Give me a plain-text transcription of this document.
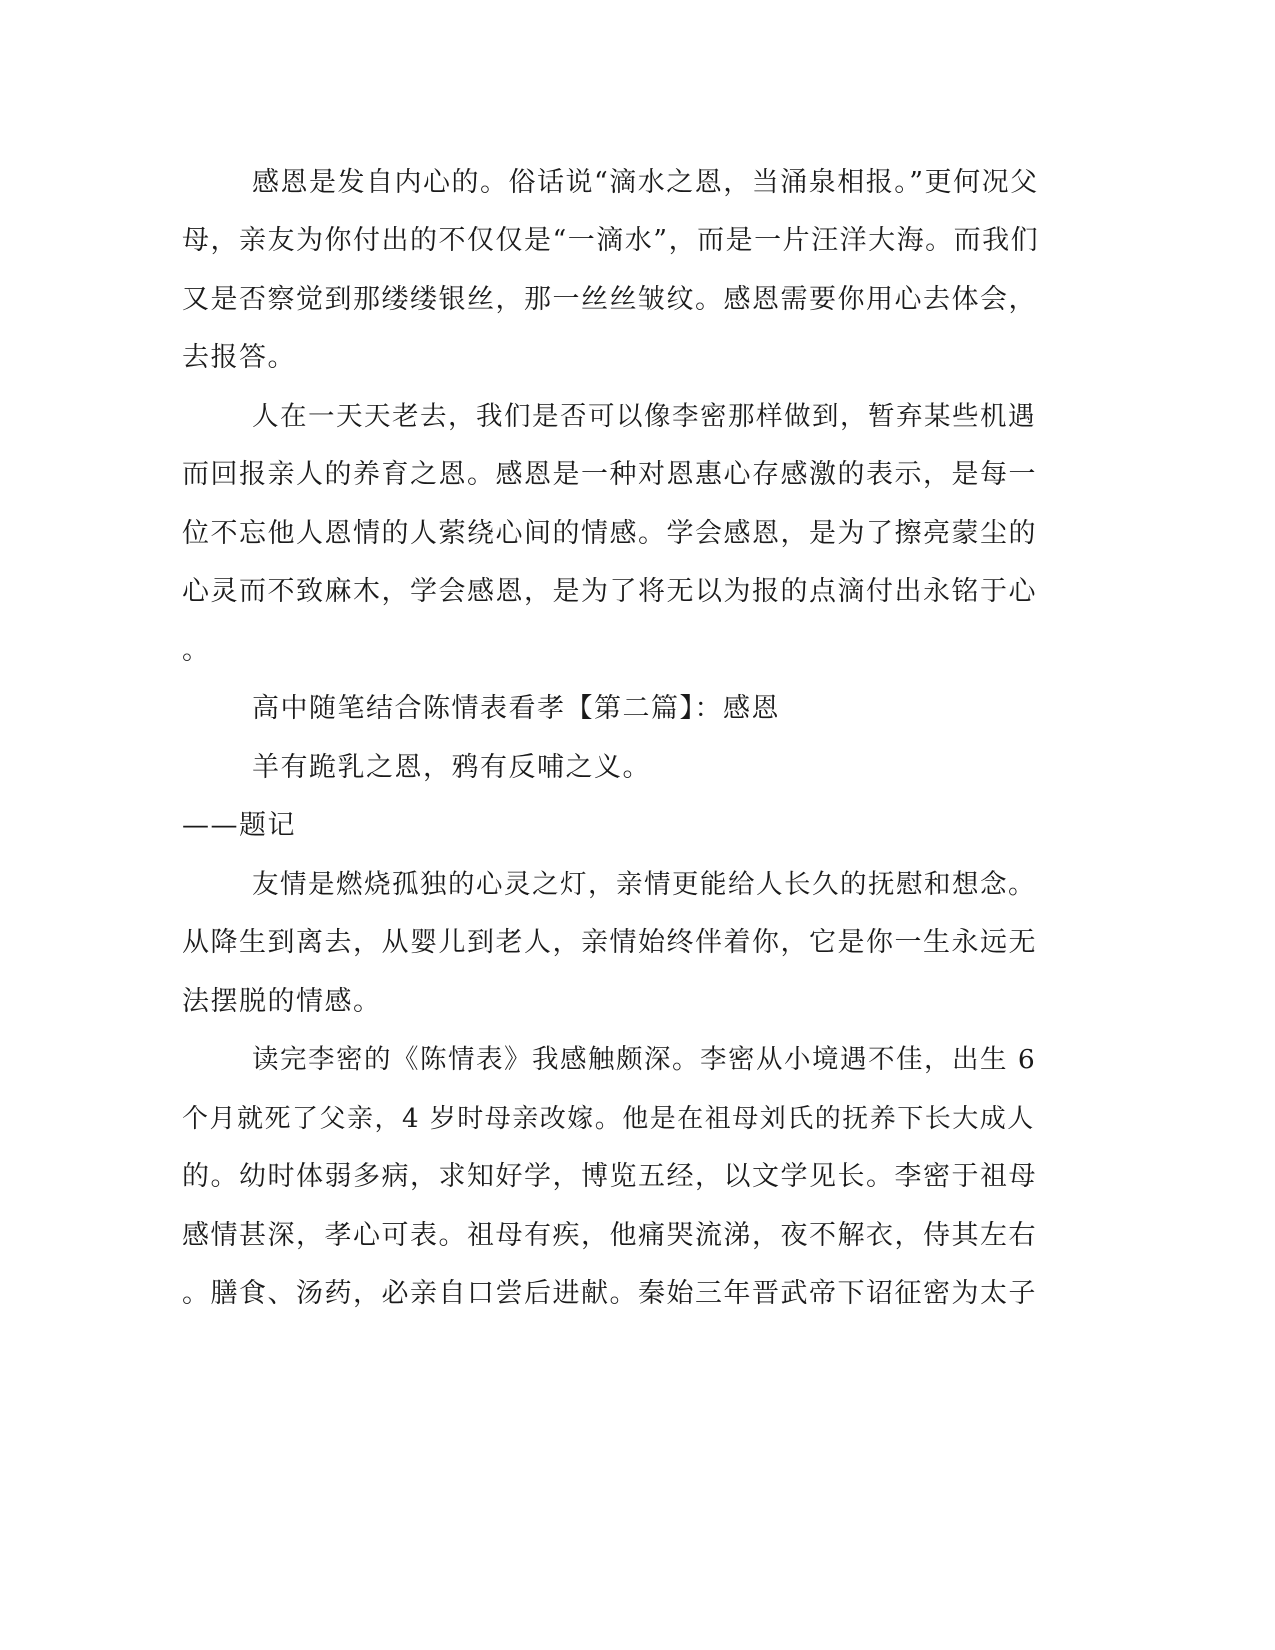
感恩是发自内心的。俗话说“滴水之恩，当涌泉相报。”更何况父
母，亲友为你付出的不仅仅是“一滴水”，而是一片汪洋大海。而我们
又是否察觉到那缕缕银丝，那一丝丝皱纹。感恩需要你用心去体会，
去报答。
人在一天天老去，我们是否可以像李密那样做到，暂弃某些机遇
而回报亲人的养育之恩。感恩是一种对恩惠心存感激的表示，是每一
位不忘他人恩情的人萦绕心间的情感。学会感恩，是为了擦亮蒙尘的
心灵而不致麻木，学会感恩，是为了将无以为报的点滴付出永铭于心
。
高中随笔结合陈情表看孝【第二篇】：感恩
羊有跪乳之恩，鸦有反哺之义。
——题记
友情是燃烧孤独的心灵之灯，亲情更能给人长久的抚慰和想念。
从降生到离去，从婴儿到老人，亲情始终伴着你，它是你一生永远无
法摆脱的情感。
读完李密的《陈情表》我感触颇深。李密从小境遇不佳，出生 6
个月就死了父亲，4 岁时母亲改嫁。他是在祖母刘氏的抚养下长大成人
的。幼时体弱多病，求知好学，博览五经，以文学见长。李密于祖母
感情甚深，孝心可表。祖母有疾，他痛哭流涕，夜不解衣，侍其左右
。膳食、汤药，必亲自口尝后进献。秦始三年晋武帝下诏征密为太子
